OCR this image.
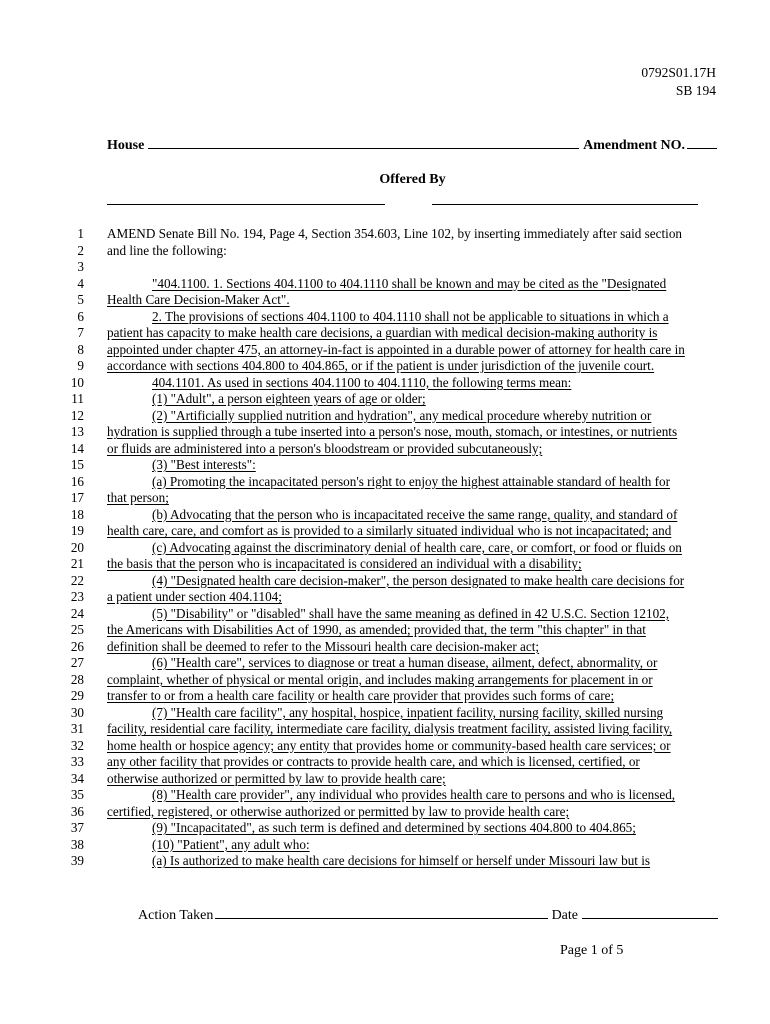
0792S01.17H
SB 194
House	Amendment NO.
Offered By
1 AMEND Senate Bill No. 194, Page 4, Section 354.603, Line 102, by inserting immediately after said section
2 and line the following:
3
4	"404.1100. 1. Sections 404.1100 to 404.1110 shall be known and may be cited as the "Designated
5 Health Care Decision-Maker Act".
6	2. The provisions of sections 404.1100 to 404.1110 shall not be applicable to situations in which a
7 patient has capacity to make health care decisions, a guardian with medical decision-making authority is
8 appointed under chapter 475, an attorney-in-fact is appointed in a durable power of attorney for health care in
9 accordance with sections 404.800 to 404.865, or if the patient is under jurisdiction of the juvenile court.
10	404.1101. As used in sections 404.1100 to 404.1110, the following terms mean:
11	(1) "Adult", a person eighteen years of age or older;
12	(2) "Artificially supplied nutrition and hydration", any medical procedure whereby nutrition or
13 hydration is supplied through a tube inserted into a person's nose, mouth, stomach, or intestines, or nutrients
14 or fluids are administered into a person's bloodstream or provided subcutaneously;
15	(3) "Best interests":
16	(a) Promoting the incapacitated person's right to enjoy the highest attainable standard of health for
17 that person;
18	(b) Advocating that the person who is incapacitated receive the same range, quality, and standard of
19 health care, care, and comfort as is provided to a similarly situated individual who is not incapacitated; and
20	(c) Advocating against the discriminatory denial of health care, care, or comfort, or food or fluids on
21 the basis that the person who is incapacitated is considered an individual with a disability;
22	(4) "Designated health care decision-maker", the person designated to make health care decisions for
23 a patient under section 404.1104;
24	(5) "Disability" or "disabled" shall have the same meaning as defined in 42 U.S.C. Section 12102,
25 the Americans with Disabilities Act of 1990, as amended; provided that, the term "this chapter" in that
26 definition shall be deemed to refer to the Missouri health care decision-maker act;
27	(6) "Health care", services to diagnose or treat a human disease, ailment, defect, abnormality, or
28 complaint, whether of physical or mental origin, and includes making arrangements for placement in or
29 transfer to or from a health care facility or health care provider that provides such forms of care;
30	(7) "Health care facility", any hospital, hospice, inpatient facility, nursing facility, skilled nursing
31 facility, residential care facility, intermediate care facility, dialysis treatment facility, assisted living facility,
32 home health or hospice agency; any entity that provides home or community-based health care services; or
33 any other facility that provides or contracts to provide health care, and which is licensed, certified, or
34 otherwise authorized or permitted by law to provide health care;
35	(8) "Health care provider", any individual who provides health care to persons and who is licensed,
36 certified, registered, or otherwise authorized or permitted by law to provide health care;
37	(9) "Incapacitated", as such term is defined and determined by sections 404.800 to 404.865;
38	(10) "Patient", any adult who:
39	(a) Is authorized to make health care decisions for himself or herself under Missouri law but is
Action Taken	Date
Page 1 of 5
